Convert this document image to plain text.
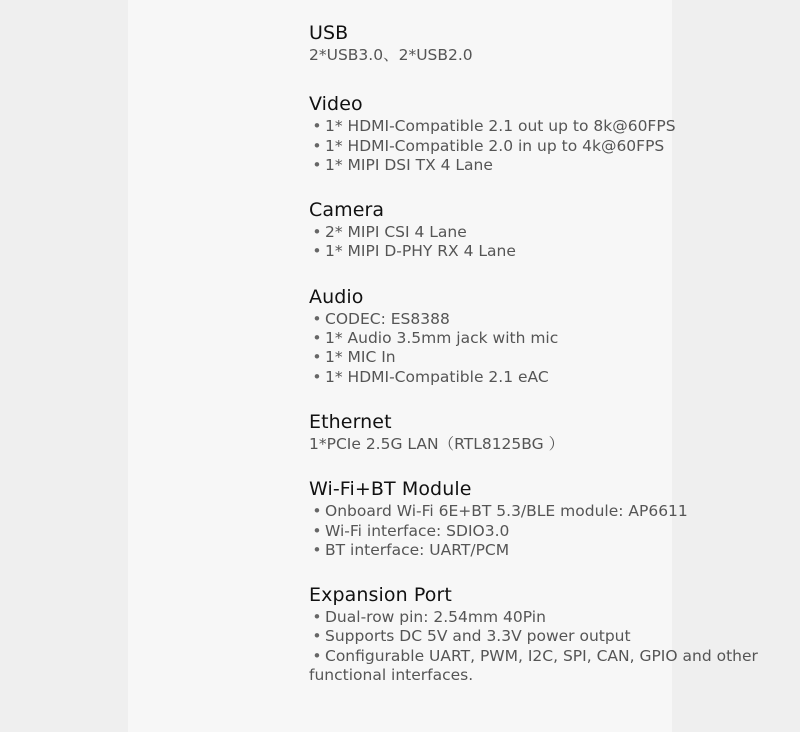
USB
2*USB3.0、2*USB2.0
Video
• 1* HDMI-Compatible 2.1 out up to 8k@60FPS
• 1* HDMI-Compatible 2.0 in up to 4k@60FPS
• 1* MIPI DSI TX 4 Lane
Camera
• 2* MIPI CSI 4 Lane
• 1* MIPI D-PHY RX 4 Lane
Audio
• CODEC: ES8388
• 1* Audio 3.5mm jack with mic
• 1* MIC In
• 1* HDMI-Compatible 2.1 eAC
Ethernet
1*PCIe 2.5G LAN（RTL8125BG ）
Wi-Fi+BT Module
• Onboard Wi-Fi 6E+BT 5.3/BLE module: AP6611
• Wi-Fi interface: SDIO3.0
• BT interface: UART/PCM
Expansion Port
• Dual-row pin: 2.54mm 40Pin
• Supports DC 5V and 3.3V power output
• Configurable UART, PWM, I2C, SPI, CAN, GPIO and other functional interfaces.
